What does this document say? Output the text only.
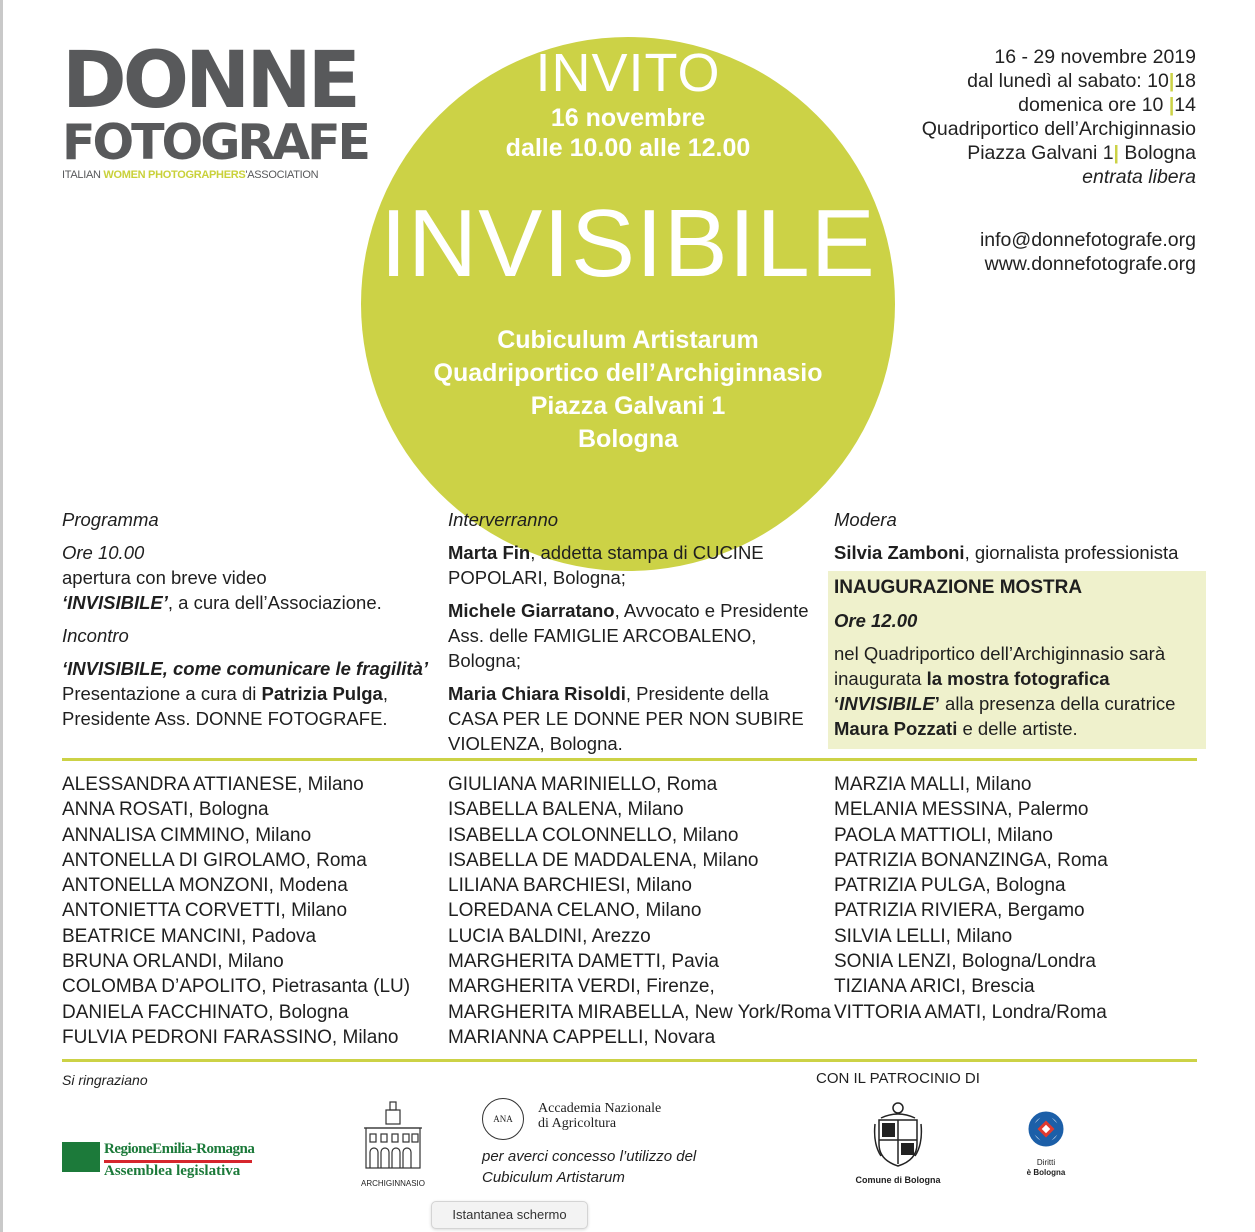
DONNE
FOTOGRAFE
ITALIAN WOMEN PHOTOGRAPHERS'ASSOCIATION
INVITO
16 novembre
dalle 10.00 alle 12.00
INVISIBILE
Cubiculum Artistarum
Quadriportico dell’Archiginnasio
Piazza Galvani 1
Bologna
16 - 29 novembre 2019
dal lunedì al sabato: 10|18
domenica ore 10 |14
Quadriportico dell’Archiginnasio
Piazza Galvani 1| Bologna
entrata libera
info@donnefotografe.org
www.donnefotografe.org
Programma
Ore 10.00
apertura con breve video
‘INVISIBILE’, a cura dell’Associazione.
Incontro
‘INVISIBILE, come comunicare le fragilità’
Presentazione a cura di Patrizia Pulga,
Presidente Ass. DONNE FOTOGRAFE.
Interverranno
Marta Fin, addetta stampa di CUCINE POPOLARI, Bologna;
Michele Giarratano, Avvocato e Presidente Ass. delle FAMIGLIE ARCOBALENO, Bologna;
Maria Chiara Risoldi, Presidente della CASA PER LE DONNE PER NON SUBIRE VIOLENZA, Bologna.
Modera
Silvia Zamboni, giornalista professionista
INAUGURAZIONE MOSTRA
Ore 12.00
nel Quadriportico dell’Archiginnasio sarà inaugurata la mostra fotografica ‘INVISIBILE’ alla presenza della curatrice Maura Pozzati e delle artiste.
ALESSANDRA ATTIANESE, Milano
ANNA ROSATI, Bologna
ANNALISA CIMMINO, Milano
ANTONELLA DI GIROLAMO, Roma
ANTONELLA MONZONI, Modena
ANTONIETTA CORVETTI, Milano
BEATRICE MANCINI, Padova
BRUNA ORLANDI, Milano
COLOMBA D’APOLITO, Pietrasanta (LU)
DANIELA FACCHINATO, Bologna
FULVIA PEDRONI FARASSINO, Milano
GIULIANA MARINIELLO, Roma
ISABELLA BALENA, Milano
ISABELLA COLONNELLO, Milano
ISABELLA DE MADDALENA, Milano
LILIANA BARCHIESI, Milano
LOREDANA CELANO, Milano
LUCIA BALDINI, Arezzo
MARGHERITA DAMETTI, Pavia
MARGHERITA VERDI, Firenze,
MARGHERITA MIRABELLA, New York/Roma
MARIANNA CAPPELLI, Novara
MARZIA MALLI, Milano
MELANIA MESSINA, Palermo
PAOLA MATTIOLI, Milano
PATRIZIA BONANZINGA, Roma
PATRIZIA PULGA, Bologna
PATRIZIA RIVIERA, Bergamo
SILVIA LELLI, Milano
SONIA LENZI, Bologna/Londra
TIZIANA ARICI, Brescia
VITTORIA AMATI, Londra/Roma
Si ringraziano	CON IL PATROCINIO DI
RegioneEmilia-Romagna
Assemblea legislativa
ARCHIGINNASIO
ANA
Accademia Nazionale
di Agricoltura
per averci concesso l’utilizzo del
Cubiculum Artistarum	Comune di Bologna
Diritti
è Bologna
Istantanea schermo
